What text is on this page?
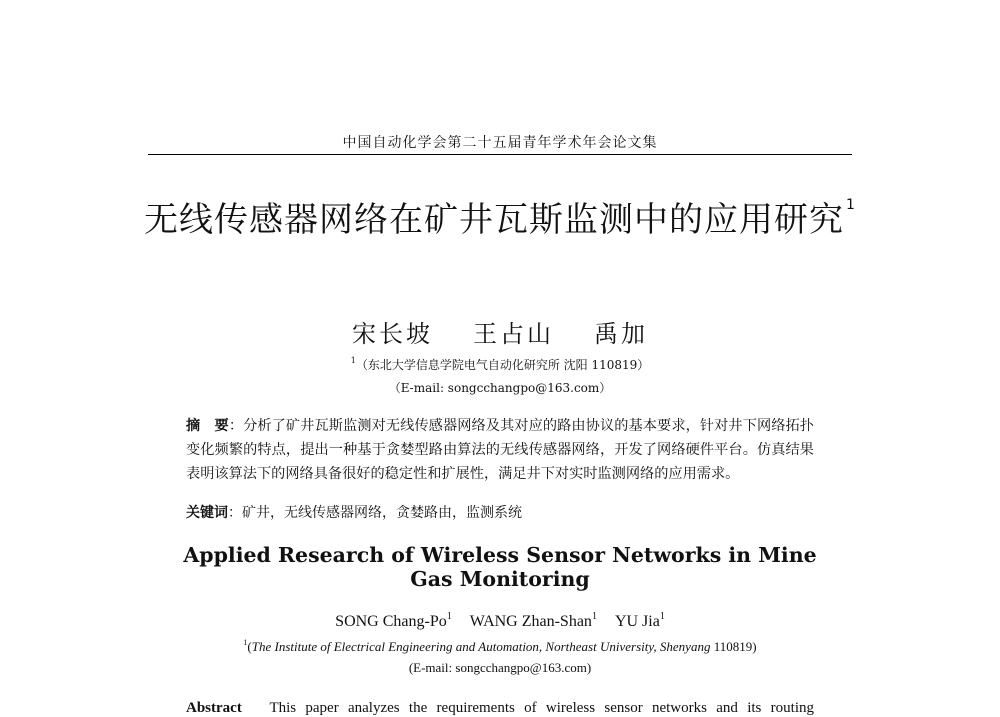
中国自动化学会第二十五届青年学术年会论文集
无线传感器网络在矿井瓦斯监测中的应用研究 $^1$
宋长坡 王占山 禹加
$^1$（东北大学信息学院电气自动化研究所 沈阳 110819）
（E-mail: songcchangpo@163.com）
摘　要：分析了矿井瓦斯监测对无线传感器网络及其对应的路由协议的基本要求，针对井下网络拓扑变化频繁的特点，提出一种基于贪婪型路由算法的无线传感器网络，开发了网络硬件平台。仿真结果表明该算法下的网络具备很好的稳定性和扩展性，满足井下对实时监测网络的应用需求。
关键词：矿井，无线传感器网络，贪婪路由，监测系统
Applied Research of Wireless Sensor Networks in Mine Gas Monitoring
SONG Chang-Po$^1$ WANG Zhan-Shan$^1$ YU Jia$^1$
$^1$(The Institute of Electrical Engineering and Automation, Northeast University, Shenyang 110819)
(E-mail: songcchangpo@163.com)
Abstract This paper analyzes the requirements of wireless sensor networks and its routing
